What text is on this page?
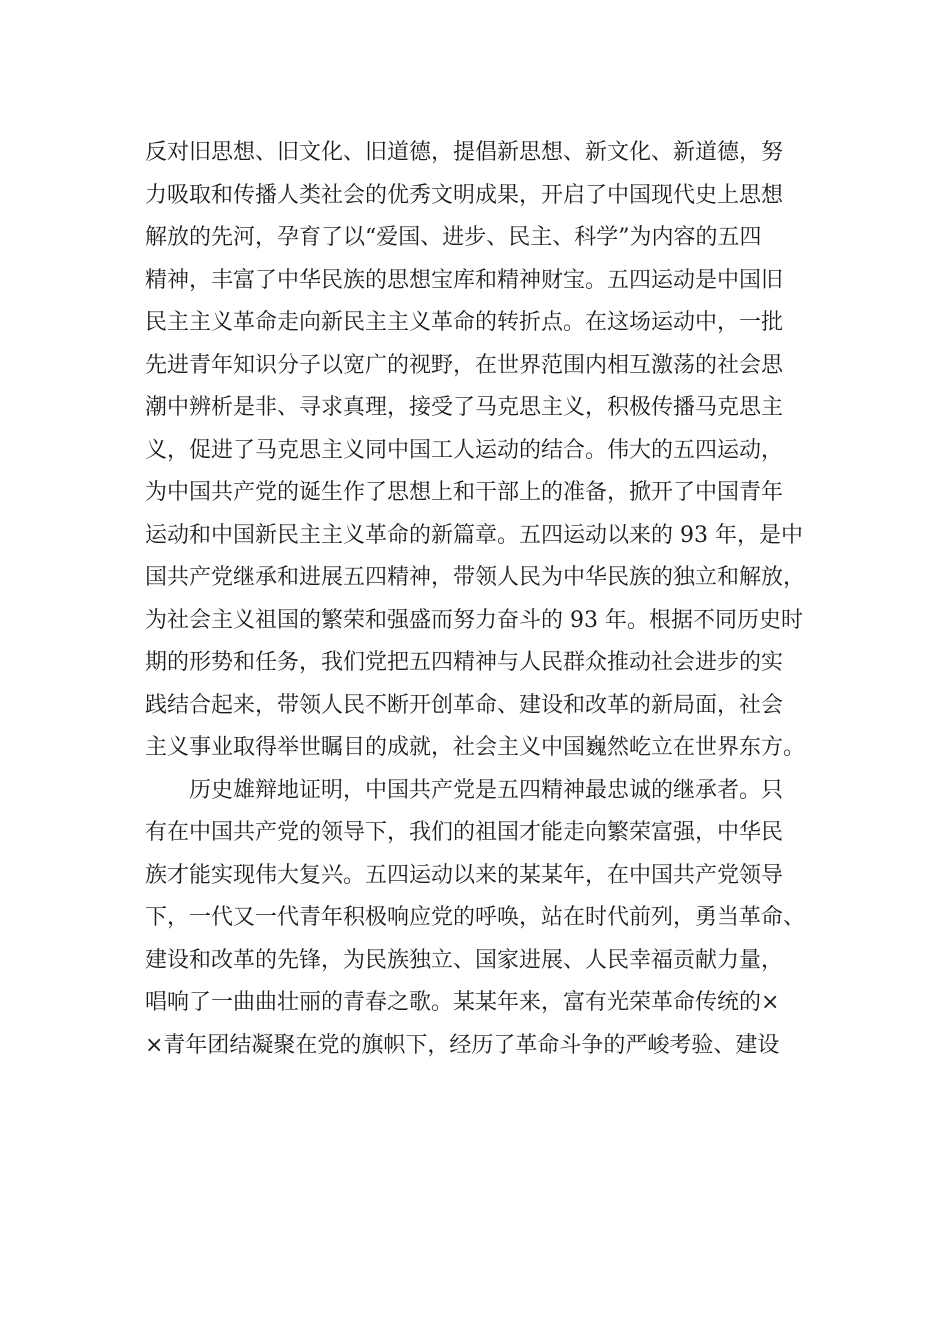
反对旧思想、旧文化、旧道德，提倡新思想、新文化、新道德，努
力吸取和传播人类社会的优秀文明成果，开启了中国现代史上思想
解放的先河，孕育了以“爱国、进步、民主、科学”为内容的五四
精神，丰富了中华民族的思想宝库和精神财宝。五四运动是中国旧
民主主义革命走向新民主主义革命的转折点。在这场运动中，一批
先进青年知识分子以宽广的视野，在世界范围内相互激荡的社会思
潮中辨析是非、寻求真理，接受了马克思主义，积极传播马克思主
义，促进了马克思主义同中国工人运动的结合。伟大的五四运动，
为中国共产党的诞生作了思想上和干部上的准备，掀开了中国青年
运动和中国新民主主义革命的新篇章。五四运动以来的 93 年，是中
国共产党继承和进展五四精神，带领人民为中华民族的独立和解放，
为社会主义祖国的繁荣和强盛而努力奋斗的 93 年。根据不同历史时
期的形势和任务，我们党把五四精神与人民群众推动社会进步的实
践结合起来，带领人民不断开创革命、建设和改革的新局面，社会
主义事业取得举世瞩目的成就，社会主义中国巍然屹立在世界东方。
历史雄辩地证明，中国共产党是五四精神最忠诚的继承者。只
有在中国共产党的领导下，我们的祖国才能走向繁荣富强，中华民
族才能实现伟大复兴。五四运动以来的某某年，在中国共产党领导
下，一代又一代青年积极响应党的呼唤，站在时代前列，勇当革命、
建设和改革的先锋，为民族独立、国家进展、人民幸福贡献力量，
唱响了一曲曲壮丽的青春之歌。某某年来，富有光荣革命传统的×
×青年团结凝聚在党的旗帜下，经历了革命斗争的严峻考验、建设
